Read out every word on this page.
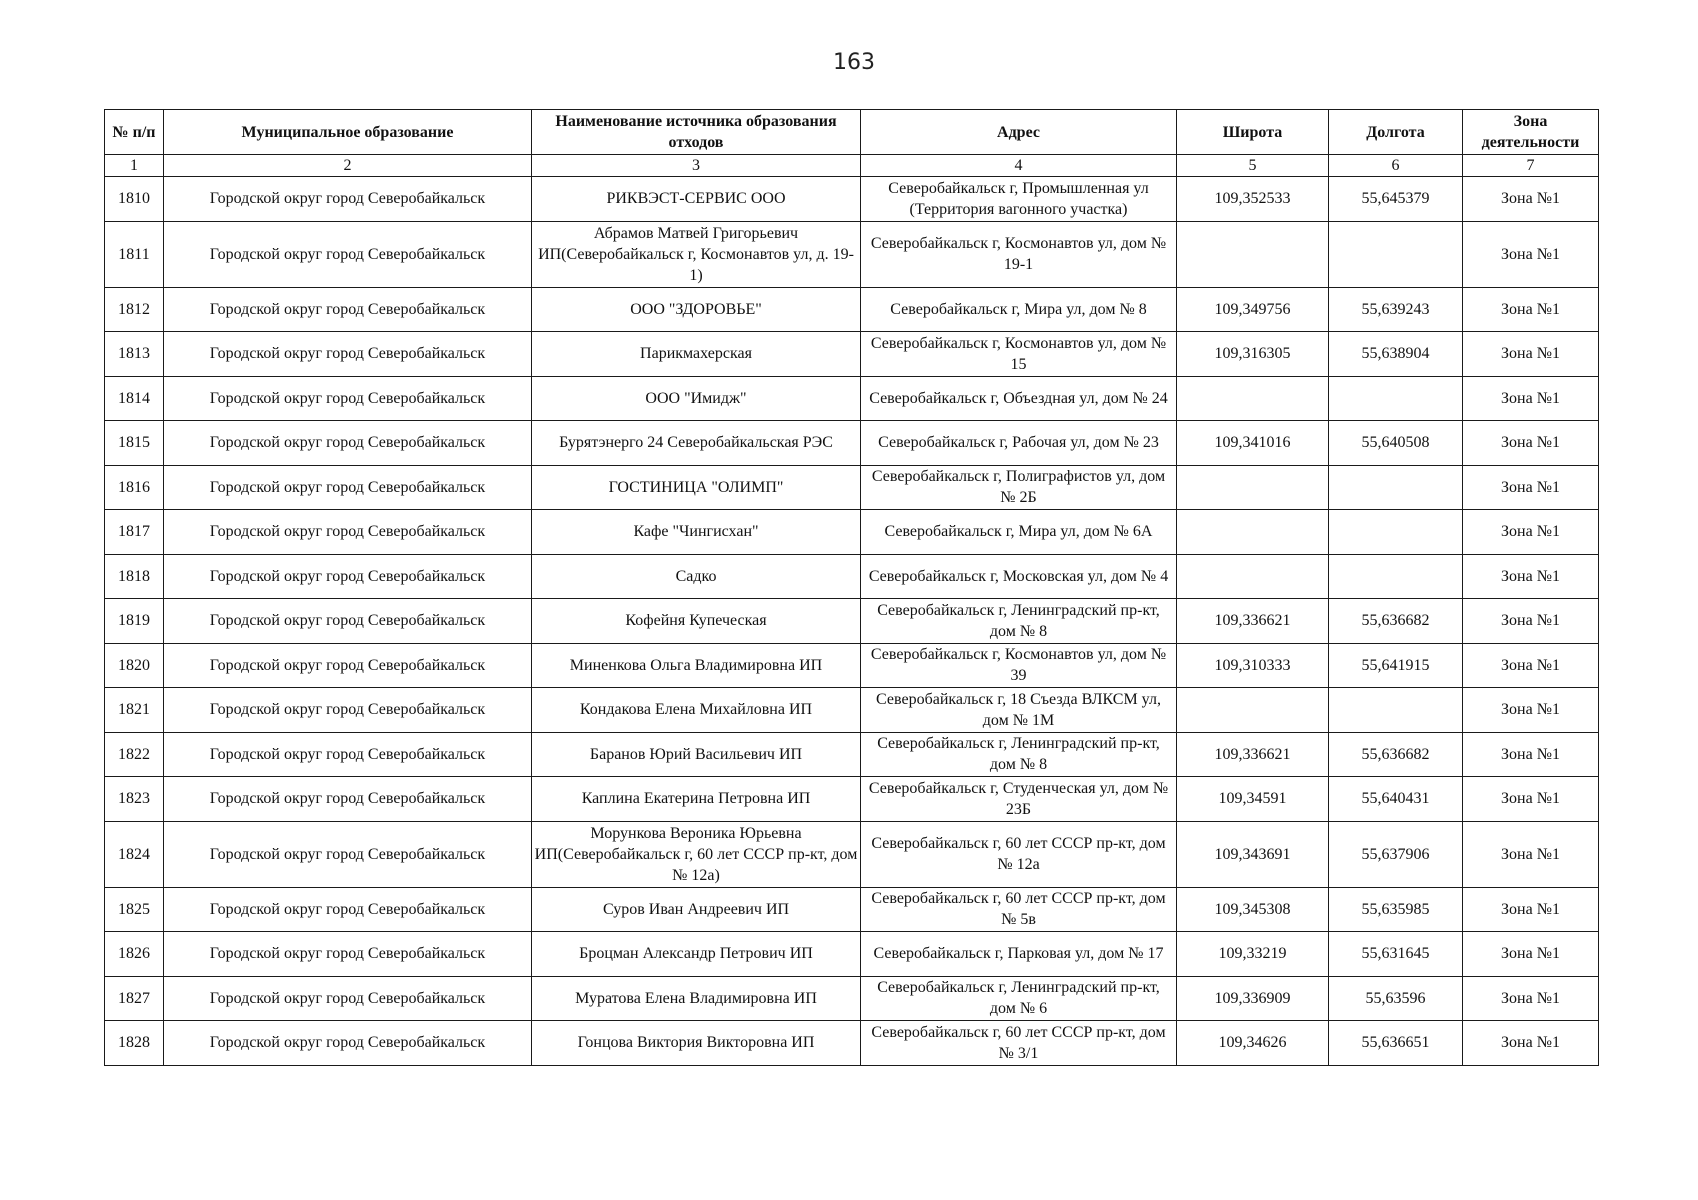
163
№ п/п	Муниципальное образование	Наименование источника образования отходов	Адрес	Широта	Долгота	Зона деятельности
1	2	3	4	5	6	7
1810	Городской округ город Северобайкальск	РИКВЭСТ-СЕРВИС ООО	Северобайкальск г, Промышленная ул (Территория вагонного участка)	109,352533	55,645379	Зона №1
1811	Городской округ город Северобайкальск	Абрамов Матвей Григорьевич ИП(Северобайкальск г, Космонавтов ул, д. 19-1)	Северобайкальск г, Космонавтов ул, дом № 19-1			Зона №1
1812	Городской округ город Северобайкальск	ООО "ЗДОРОВЬЕ"	Северобайкальск г, Мира ул, дом № 8	109,349756	55,639243	Зона №1
1813	Городской округ город Северобайкальск	Парикмахерская	Северобайкальск г, Космонавтов ул, дом № 15	109,316305	55,638904	Зона №1
1814	Городской округ город Северобайкальск	ООО "Имидж"	Северобайкальск г, Объездная ул, дом № 24			Зона №1
1815	Городской округ город Северобайкальск	Бурятэнерго 24 Северобайкальская РЭС	Северобайкальск г, Рабочая ул, дом № 23	109,341016	55,640508	Зона №1
1816	Городской округ город Северобайкальск	ГОСТИНИЦА "ОЛИМП"	Северобайкальск г, Полиграфистов ул, дом № 2Б			Зона №1
1817	Городской округ город Северобайкальск	Кафе "Чингисхан"	Северобайкальск г, Мира ул, дом № 6А			Зона №1
1818	Городской округ город Северобайкальск	Садко	Северобайкальск г, Московская ул, дом № 4			Зона №1
1819	Городской округ город Северобайкальск	Кофейня Купеческая	Северобайкальск г, Ленинградский пр-кт, дом № 8	109,336621	55,636682	Зона №1
1820	Городской округ город Северобайкальск	Миненкова Ольга Владимировна ИП	Северобайкальск г, Космонавтов ул, дом № 39	109,310333	55,641915	Зона №1
1821	Городской округ город Северобайкальск	Кондакова Елена Михайловна ИП	Северобайкальск г, 18 Съезда ВЛКСМ ул, дом № 1М			Зона №1
1822	Городской округ город Северобайкальск	Баранов Юрий Васильевич ИП	Северобайкальск г, Ленинградский пр-кт, дом № 8	109,336621	55,636682	Зона №1
1823	Городской округ город Северобайкальск	Каплина Екатерина Петровна ИП	Северобайкальск г, Студенческая ул, дом № 23Б	109,34591	55,640431	Зона №1
1824	Городской округ город Северобайкальск	Морункова Вероника Юрьевна ИП(Северобайкальск г, 60 лет СССР пр-кт, дом № 12а)	Северобайкальск г, 60 лет СССР пр-кт, дом № 12а	109,343691	55,637906	Зона №1
1825	Городской округ город Северобайкальск	Суров Иван Андреевич ИП	Северобайкальск г, 60 лет СССР пр-кт, дом № 5в	109,345308	55,635985	Зона №1
1826	Городской округ город Северобайкальск	Броцман Александр Петрович ИП	Северобайкальск г, Парковая ул, дом № 17	109,33219	55,631645	Зона №1
1827	Городской округ город Северобайкальск	Муратова Елена Владимировна ИП	Северобайкальск г, Ленинградский пр-кт, дом № 6	109,336909	55,63596	Зона №1
1828	Городской округ город Северобайкальск	Гонцова Виктория Викторовна ИП	Северобайкальск г, 60 лет СССР пр-кт, дом № 3/1	109,34626	55,636651	Зона №1
